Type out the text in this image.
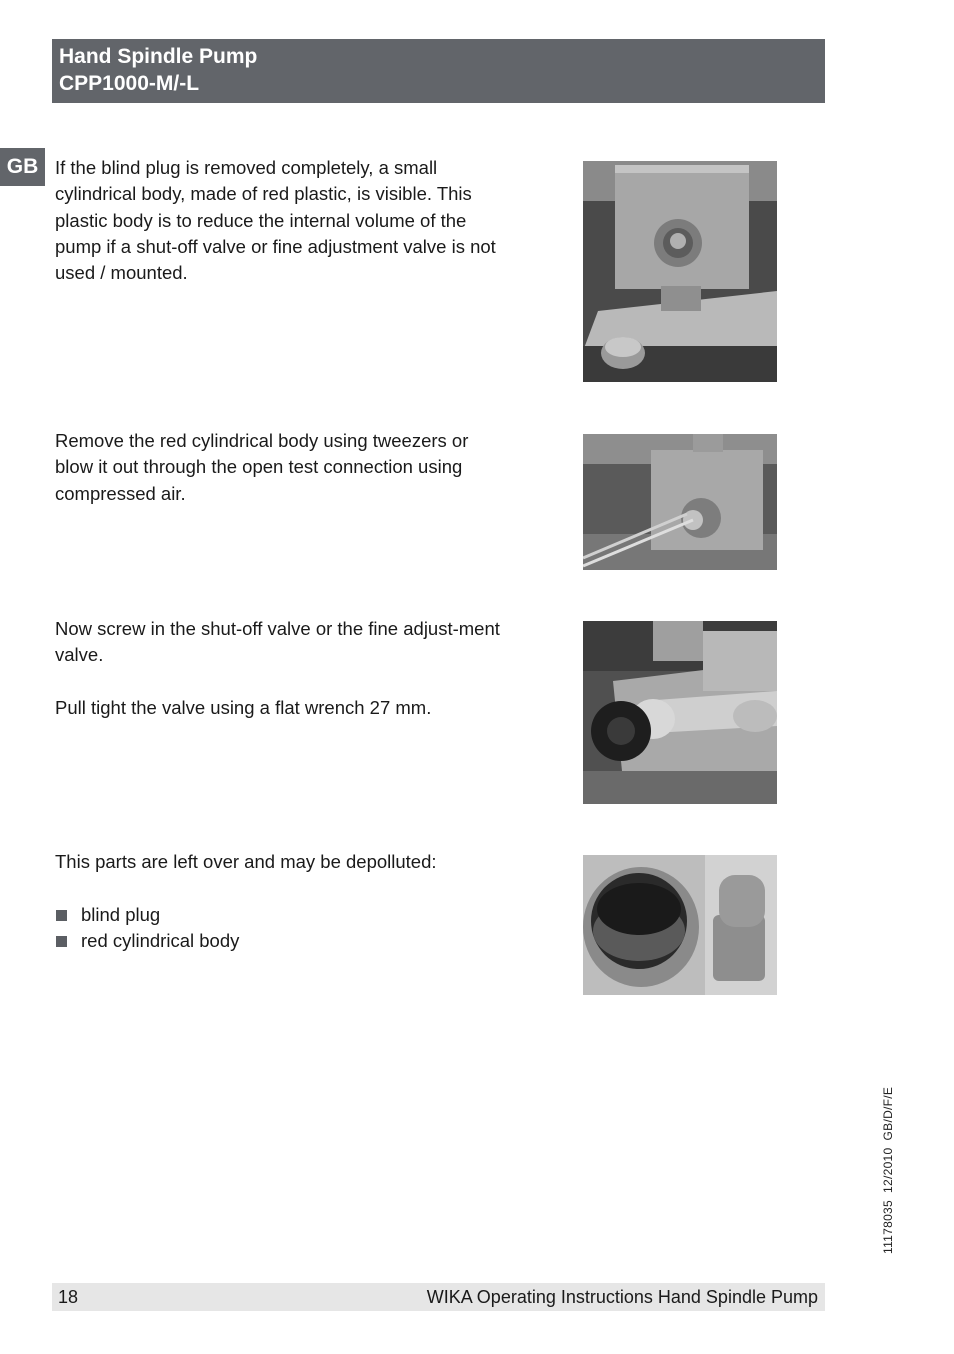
Hand Spindle Pump
CPP1000-M/-L
GB If the blind plug is removed completely, a small cylindrical body, made of red plastic, is visible. This plastic body is to reduce the internal volume of the pump if a shut-off valve or fine adjustment valve is not used / mounted.

Remove the red cylindrical body using tweezers or blow it out through the open test connection using compressed air.

Now screw in the shut-off valve or the fine adjust-ment valve.

Pull tight the valve using a flat wrench 27 mm.

This parts are left over and may be depolluted:

blind plug
red cylindrical body
1117803512/2010GB/D/F/E
18	WIKA Operating Instructions Hand Spindle Pump
